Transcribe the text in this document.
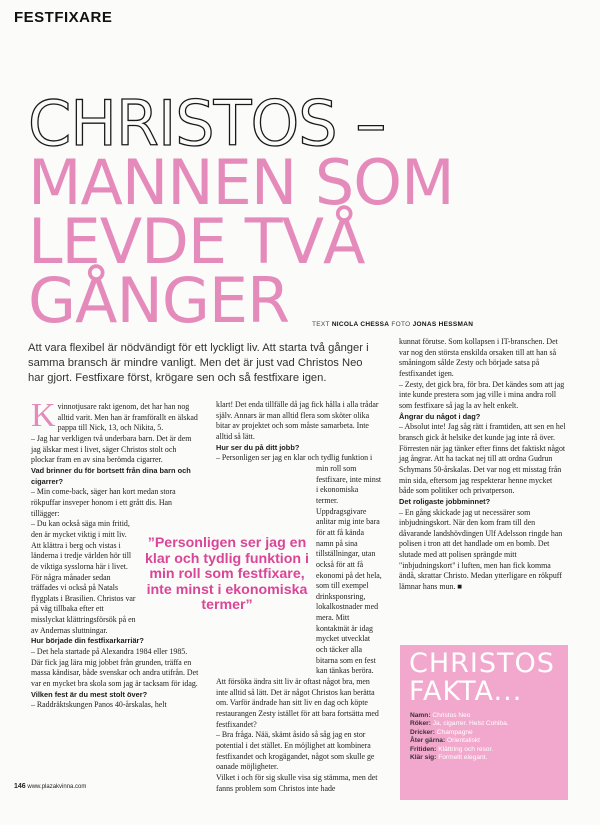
FESTFIXARE
CHRISTOS –
MANNEN SOM
LEVDE TVÅ
GÅNGER	TEXT NICOLA CHESSA FOTO JONAS HESSMAN
Att vara flexibel är nödvändigt för ett lyckligt liv. Att starta två gånger i samma bransch är mindre vanligt. Men det är just vad Christos Neo har gjort. Festfixare först, krögare sen och så festfixare igen.

Kvinnotjusare rakt igenom, det har han nog alltid varit. Men han är framförallt en älskad pappa till Nick, 13, och Nikita, 5.

– Jag har verkligen två underbara barn. Det är dem jag älskar mest i livet, säger Christos stolt och plockar fram en av sina berömda cigarrer.

Vad brinner du för bortsett från dina barn och cigarrer?

– Min come-back, säger han kort medan stora rökpuffar insveper honom i ett grått dis. Han tillägger:

– Du kan också säga min fritid, den är mycket viktig i mitt liv.

Att klättra i berg och vistas i länderna i tredje världen hör till de viktiga sysslorna här i livet. För några månader sedan träffades vi också på Natals flygplats i Brasilien. Christos var på väg tillbaka efter ett misslyckat klättringsförsök på en av Andernas sluttningar.

Hur började din festfixarkarriär?

– Det hela startade på Alexandra 1984 eller 1985. Där fick jag lära mig jobbet från grunden, träffa en massa kändisar, både svenskar och andra utifrån. Det var en mycket bra skola som jag är tacksam för idag.

Vilken fest är du mest stolt över?

– Raddräktskungen Panos 40-årskalas, helt

klart! Det enda tillfälle då jag fick hålla i alla trådar själv. Annars är man alltid flera som sköter olika bitar av projektet och som måste samarbeta. Inte alltid så lätt.

Hur ser du på ditt jobb?

– Personligen ser jag en klar och tydlig funktion i min roll som festfixare, inte minst i ekonomiska termer. Uppdragsgivare anlitar mig inte bara för att få kända namn på sina tillställningar, utan också för att få ekonomi på det hela, som till exempel drinksponsring, lokalkostnader med mera. Mitt kontaktnät är idag mycket utvecklat och täcker alla bitarna som en fest kan tänkas beröra.

Att försöka ändra sitt liv är oftast något bra, men inte alltid så lätt. Det är något Christos kan berätta om. Varför ändrade han sitt liv en dag och köpte restaurangen Zesty istället för att bara fortsätta med festfixandet?

– Bra fråga. Nää, skämt åsido så såg jag en stor potential i det stället. En möjlighet att kombinera festfixandet och krogägandet, något som skulle ge oanade möjligheter.

Vilket i och för sig skulle visa sig stämma, men det fanns problem som Christos inte hade

”Personligen ser jag en klar och tydlig funktion i min roll som festfixare, inte minst i ekonomiska termer”

kunnat förutse. Som kollapsen i IT-branschen. Det var nog den största enskilda orsaken till att han så småningom sålde Zesty och började satsa på festfixandet igen.

– Zesty, det gick bra, för bra. Det kändes som att jag inte kunde prestera som jag ville i mina andra roll som festfixare så jag la av helt enkelt.

Ångrar du något i dag?

– Absolut inte! Jag såg rätt i framtiden, att sen en hel bransch gick åt helsike det kunde jag inte rå över. Förresten när jag tänker efter finns det faktiskt något jag ångrar. Att ha tackat nej till att ordna Gudrun Schymans 50-årskalas. Det var nog ett misstag från min sida, eftersom jag respekterar henne mycket både som politiker och privatperson.

Det roligaste jobbminnet?

– En gång skickade jag ut necessärer som inbjudningskort. När den kom fram till den dåvarande landshövdingen Ulf Adelsson ringde han polisen i tron att det handlade om en bomb. Det slutade med att polisen sprängde mitt "inbjudningskort" i luften, men han fick komma ändå, skrattar Christo. Medan ytterligare en rökpuff lämnar hans mun. ■

CHRISTOS
FAKTA...
Namn: Christos Neo
Röker: Ja, cigarrer. Helst Cohiba.
Dricker: Champagne
Åter gärna: Orientaliskt
Fritiden: Klättring och resor.
Klär sig: Formellt elegant.
146 www.plazakvinna.com
